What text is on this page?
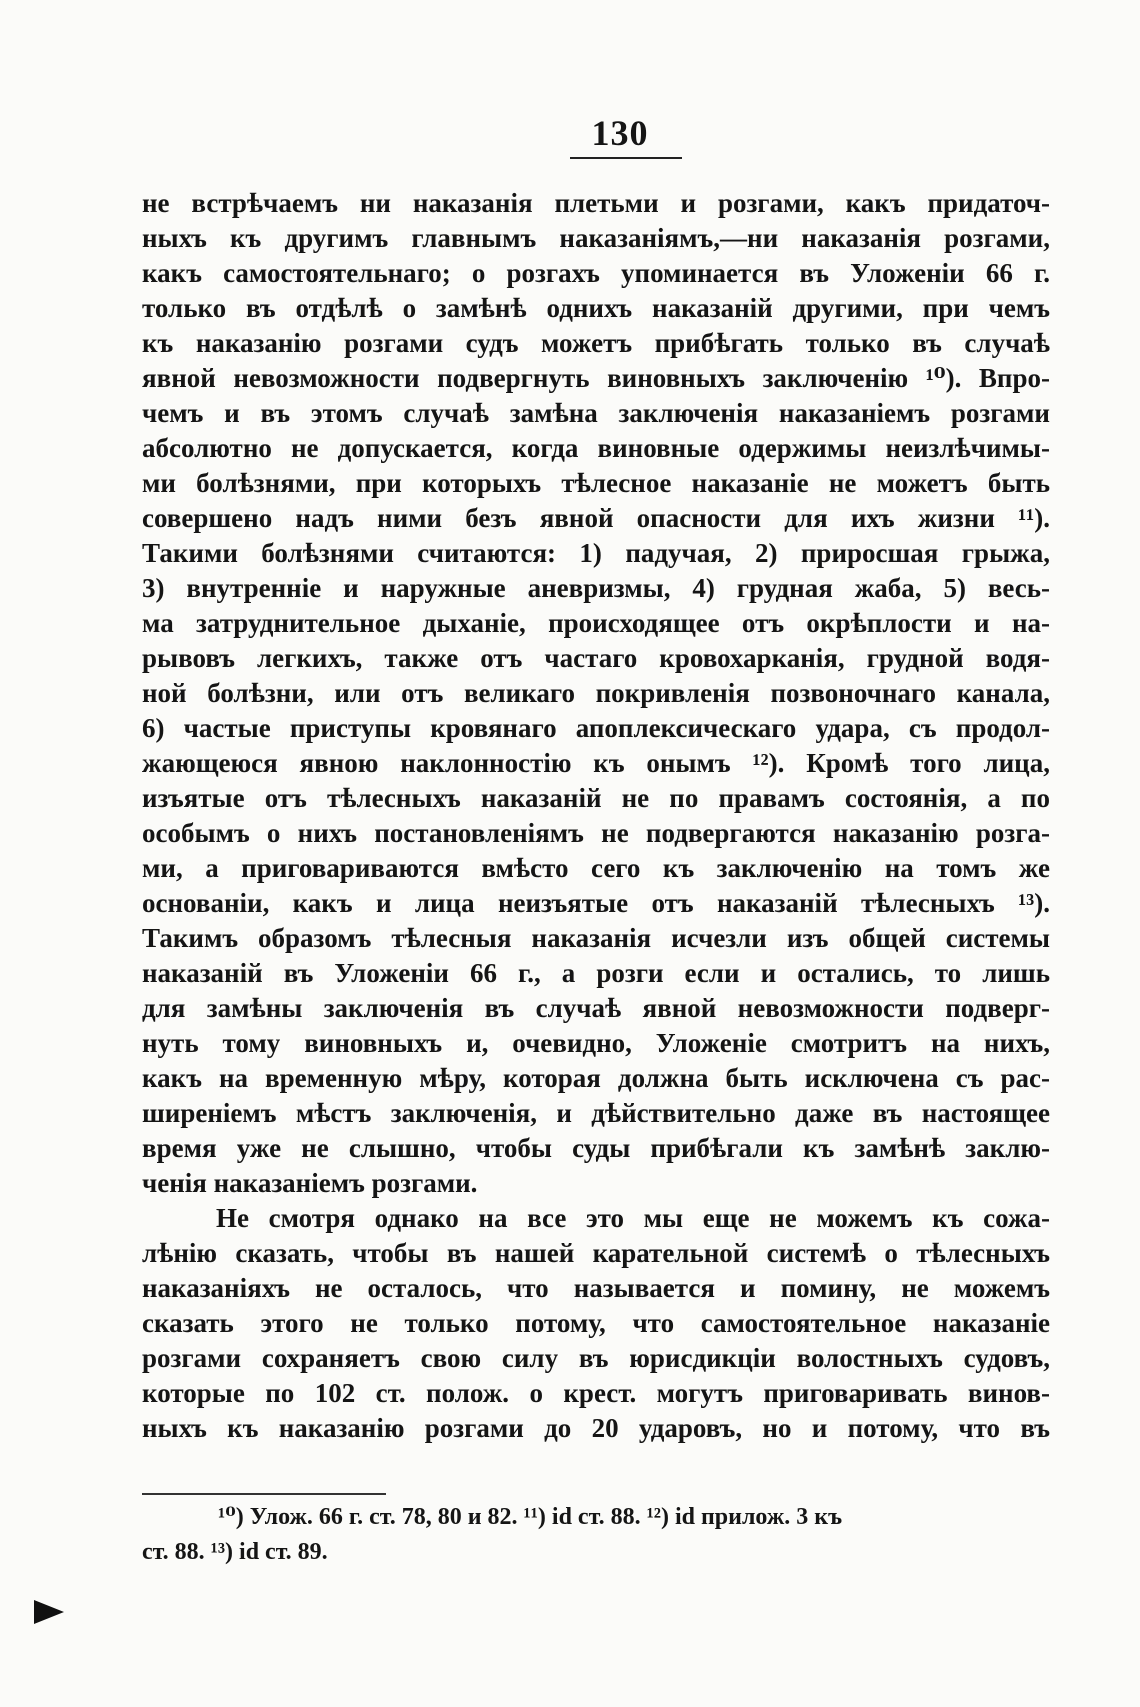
130
не встрѣчаемъ ни наказанія плетьми и розгами, какъ придаточ-
ныхъ къ другимъ главнымъ наказаніямъ,—ни наказанія розгами,
какъ самостоятельнаго; о розгахъ упоминается въ Уложеніи 66 г.
только въ отдѣлѣ о замѣнѣ однихъ наказаній другими, при чемъ
къ наказанію розгами судъ можетъ прибѣгать только въ случаѣ
явной невозможности подвергнуть виновныхъ заключенію ¹⁰). Впро-
чемъ и въ этомъ случаѣ замѣна заключенія наказаніемъ розгами
абсолютно не допускается, когда виновные одержимы неизлѣчимы-
ми болѣзнями, при которыхъ тѣлесное наказаніе не можетъ быть
совершено надъ ними безъ явной опасности для ихъ жизни ¹¹).
Такими болѣзнями считаются: 1) падучая, 2) приросшая грыжа,
3) внутренніе и наружные аневризмы, 4) грудная жаба, 5) весь-
ма затруднительное дыханіе, происходящее отъ окрѣплости и на-
рывовъ легкихъ, также отъ частаго кровохарканія, грудной водя-
ной болѣзни, или отъ великаго покривленія позвоночнаго канала,
6) частые приступы кровянаго апоплексическаго удара, съ продол-
жающеюся явною наклонностію къ онымъ ¹²). Кромѣ того лица,
изъятые отъ тѣлесныхъ наказаній не по правамъ состоянія, а по
особымъ о нихъ постановленіямъ не подвергаются наказанію розга-
ми, а приговариваются вмѣсто сего къ заключенію на томъ же
основаніи, какъ и лица неизъятые отъ наказаній тѣлесныхъ ¹³).
Такимъ образомъ тѣлесныя наказанія исчезли изъ общей системы
наказаній въ Уложеніи 66 г., а розги если и остались, то лишь
для замѣны заключенія въ случаѣ явной невозможности подверг-
нуть тому виновныхъ и, очевидно, Уложеніе смотритъ на нихъ,
какъ на временную мѣру, которая должна быть исключена съ рас-
ширеніемъ мѣстъ заключенія, и дѣйствительно даже въ настоящее
время уже не слышно, чтобы суды прибѣгали къ замѣнѣ заклю-
ченія наказаніемъ розгами.
Не смотря однако на все это мы еще не можемъ къ сожа-
лѣнію сказать, чтобы въ нашей карательной системѣ о тѣлесныхъ
наказаніяхъ не осталось, что называется и помину, не можемъ
сказать этого не только потому, что самостоятельное наказаніе
розгами сохраняетъ свою силу въ юрисдикціи волостныхъ судовъ,
которые по 102 ст. полож. о крест. могутъ приговаривать винов-
ныхъ къ наказанію розгами до 20 ударовъ, но и потому, что въ
¹⁰) Улож. 66 г. ст. 78, 80 и 82. ¹¹) id ст. 88. ¹²) id прилож. 3 къ
ст. 88. ¹³) id ст. 89.
